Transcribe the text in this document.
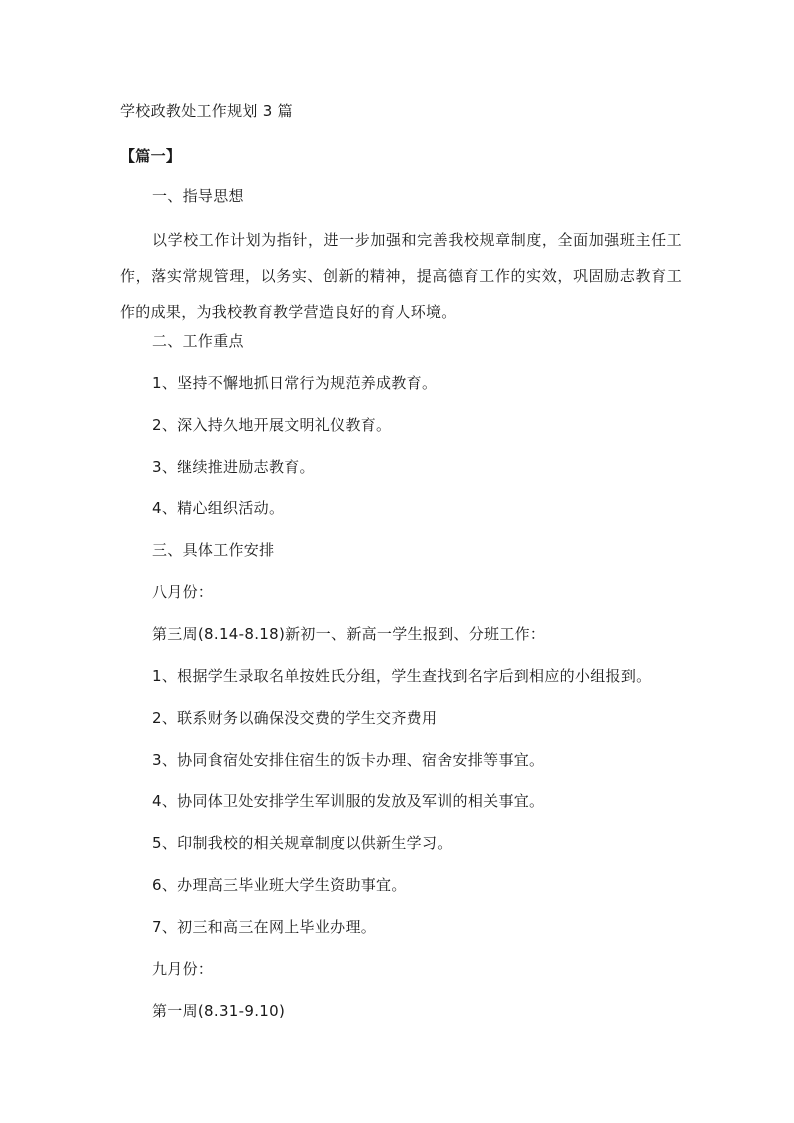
学校政教处工作规划 3 篇
【篇一】
一、指导思想
以学校工作计划为指针，进一步加强和完善我校规章制度，全面加强班主任工作，落实常规管理，以务实、创新的精神，提高德育工作的实效，巩固励志教育工作的成果，为我校教育教学营造良好的育人环境。
二、工作重点
1、坚持不懈地抓日常行为规范养成教育。
2、深入持久地开展文明礼仪教育。
3、继续推进励志教育。
4、精心组织活动。
三、具体工作安排
八月份：
第三周(8.14-8.18)新初一、新高一学生报到、分班工作：
1、根据学生录取名单按姓氏分组，学生查找到名字后到相应的小组报到。
2、联系财务以确保没交费的学生交齐费用
3、协同食宿处安排住宿生的饭卡办理、宿舍安排等事宜。
4、协同体卫处安排学生军训服的发放及军训的相关事宜。
5、印制我校的相关规章制度以供新生学习。
6、办理高三毕业班大学生资助事宜。
7、初三和高三在网上毕业办理。
九月份：
第一周(8.31-9.10)
